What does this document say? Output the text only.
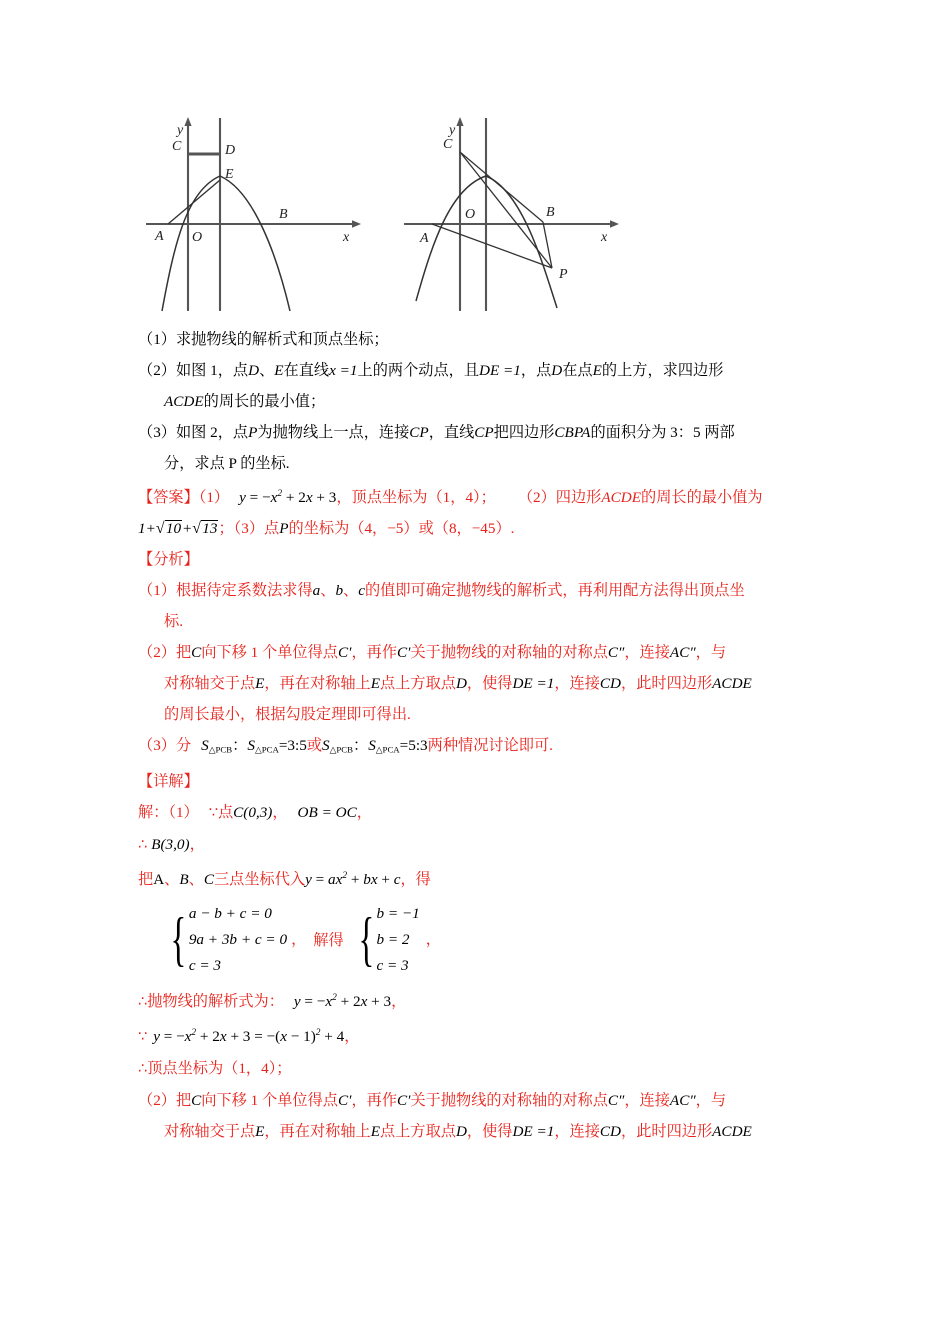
C	D
E
A O
B
x
y
C
O
A
B
P
x
y

（1）求抛物线的解析式和顶点坐标；

（2）如图 1，点D、E在直线x =1上的两个动点，且DE =1，点D在点E的上方，求四边形

ACDE的周长的最小值；

（3）如图 2，点P为抛物线上一点，连接CP，直线CP把四边形CBPA的面积分为 3：5 两部

分，求点 P 的坐标.

【答案】（1） $y = -x^2 + 2x + 3$，顶点坐标为（1，4）； （2）四边形ACDE的周长的最小值为

1+ √ 10+ √ 13；（3）点P的坐标为（4，−5）或（8，−45）.

【分析】

（1）根据待定系数法求得a、b、c的值即可确定抛物线的解析式，再利用配方法得出顶点坐

标.

（2）把C向下移 1 个单位得点C′，再作C′关于抛物线的对称轴的对称点C″，连接AC″，与

对称轴交于点E，再在对称轴上E点上方取点D，使得DE =1，连接CD，此时四边形ACDE

的周长最小，根据勾股定理即可得出.

（3）分 $S_{\triangle PCB}$：$S_{\triangle PCA}=3:5$或$S_{\triangle PCB}$：$S_{\triangle PCA}=5:3$两种情况讨论即可.

【详解】

解：（1） ∵点C(0,3)， OB = OC，

∴ B(3,0)，

把A、B、C三点坐标代入$y = ax^2$ + bx + c，得

{ a − b + c = 0
9a + 3b + c = 0
c = 3
， 解得 { b = −1
b = 2
c = 3
，

∴抛物线的解析式为： $y = -x^2 + 2x + 3$，

∵ $y = -x^2 + 2x + 3 = -(x - 1)^2 + 4$，

∴顶点坐标为（1，4）；

（2）把C向下移 1 个单位得点C′，再作C′关于抛物线的对称轴的对称点C″，连接AC″，与

对称轴交于点E，再在对称轴上E点上方取点D，使得DE =1，连接CD，此时四边形ACDE
